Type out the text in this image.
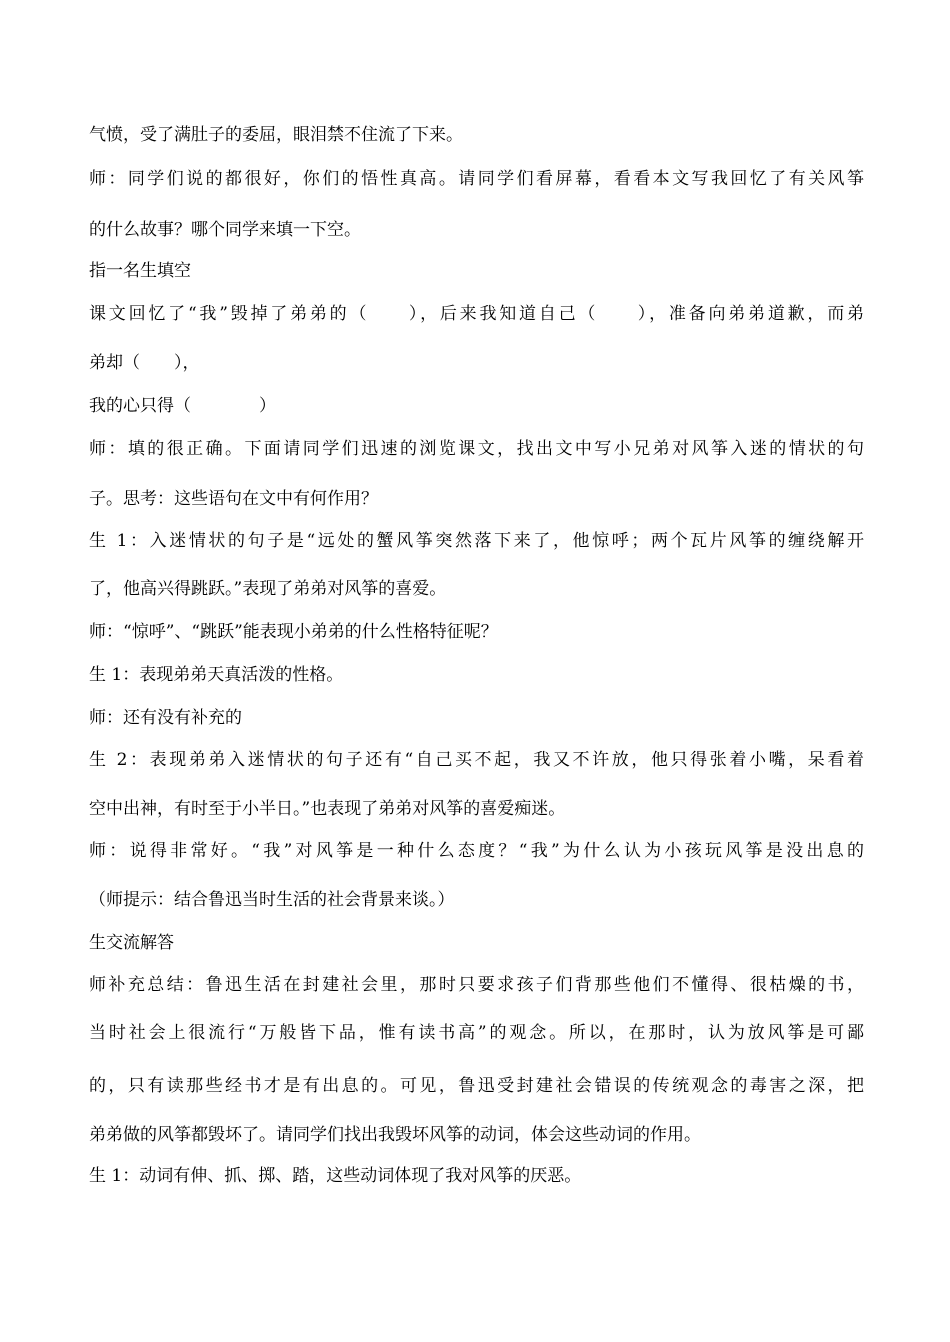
气愤，受了满肚子的委屈，眼泪禁不住流了下来。
师：同学们说的都很好，你们的悟性真高。请同学们看屏幕，看看本文写我回忆了有关风筝
的什么故事？哪个同学来填一下空。
指一名生填空
课文回忆了“我”毁掉了弟弟的（　　），后来我知道自己（　　），准备向弟弟道歉，而弟
弟却（　　），
我的心只得（　　　　）
师：填的很正确。下面请同学们迅速的浏览课文，找出文中写小兄弟对风筝入迷的情状的句
子。思考：这些语句在文中有何作用？
生 1：入迷情状的句子是“远处的蟹风筝突然落下来了，他惊呼；两个瓦片风筝的缠绕解开
了，他高兴得跳跃。”表现了弟弟对风筝的喜爱。
师：“惊呼”、“跳跃”能表现小弟弟的什么性格特征呢？
生 1：表现弟弟天真活泼的性格。
师：还有没有补充的
生 2：表现弟弟入迷情状的句子还有“自己买不起，我又不许放，他只得张着小嘴，呆看着
空中出神，有时至于小半日。”也表现了弟弟对风筝的喜爱痴迷。
师：说得非常好。“我”对风筝是一种什么态度？“我”为什么认为小孩玩风筝是没出息的
（师提示：结合鲁迅当时生活的社会背景来谈。）
生交流解答
师补充总结：鲁迅生活在封建社会里，那时只要求孩子们背那些他们不懂得、很枯燥的书，
当时社会上很流行“万般皆下品，惟有读书高”的观念。所以，在那时，认为放风筝是可鄙
的，只有读那些经书才是有出息的。可见，鲁迅受封建社会错误的传统观念的毒害之深，把
弟弟做的风筝都毁坏了。请同学们找出我毁坏风筝的动词，体会这些动词的作用。
生 1：动词有伸、抓、掷、踏，这些动词体现了我对风筝的厌恶。
